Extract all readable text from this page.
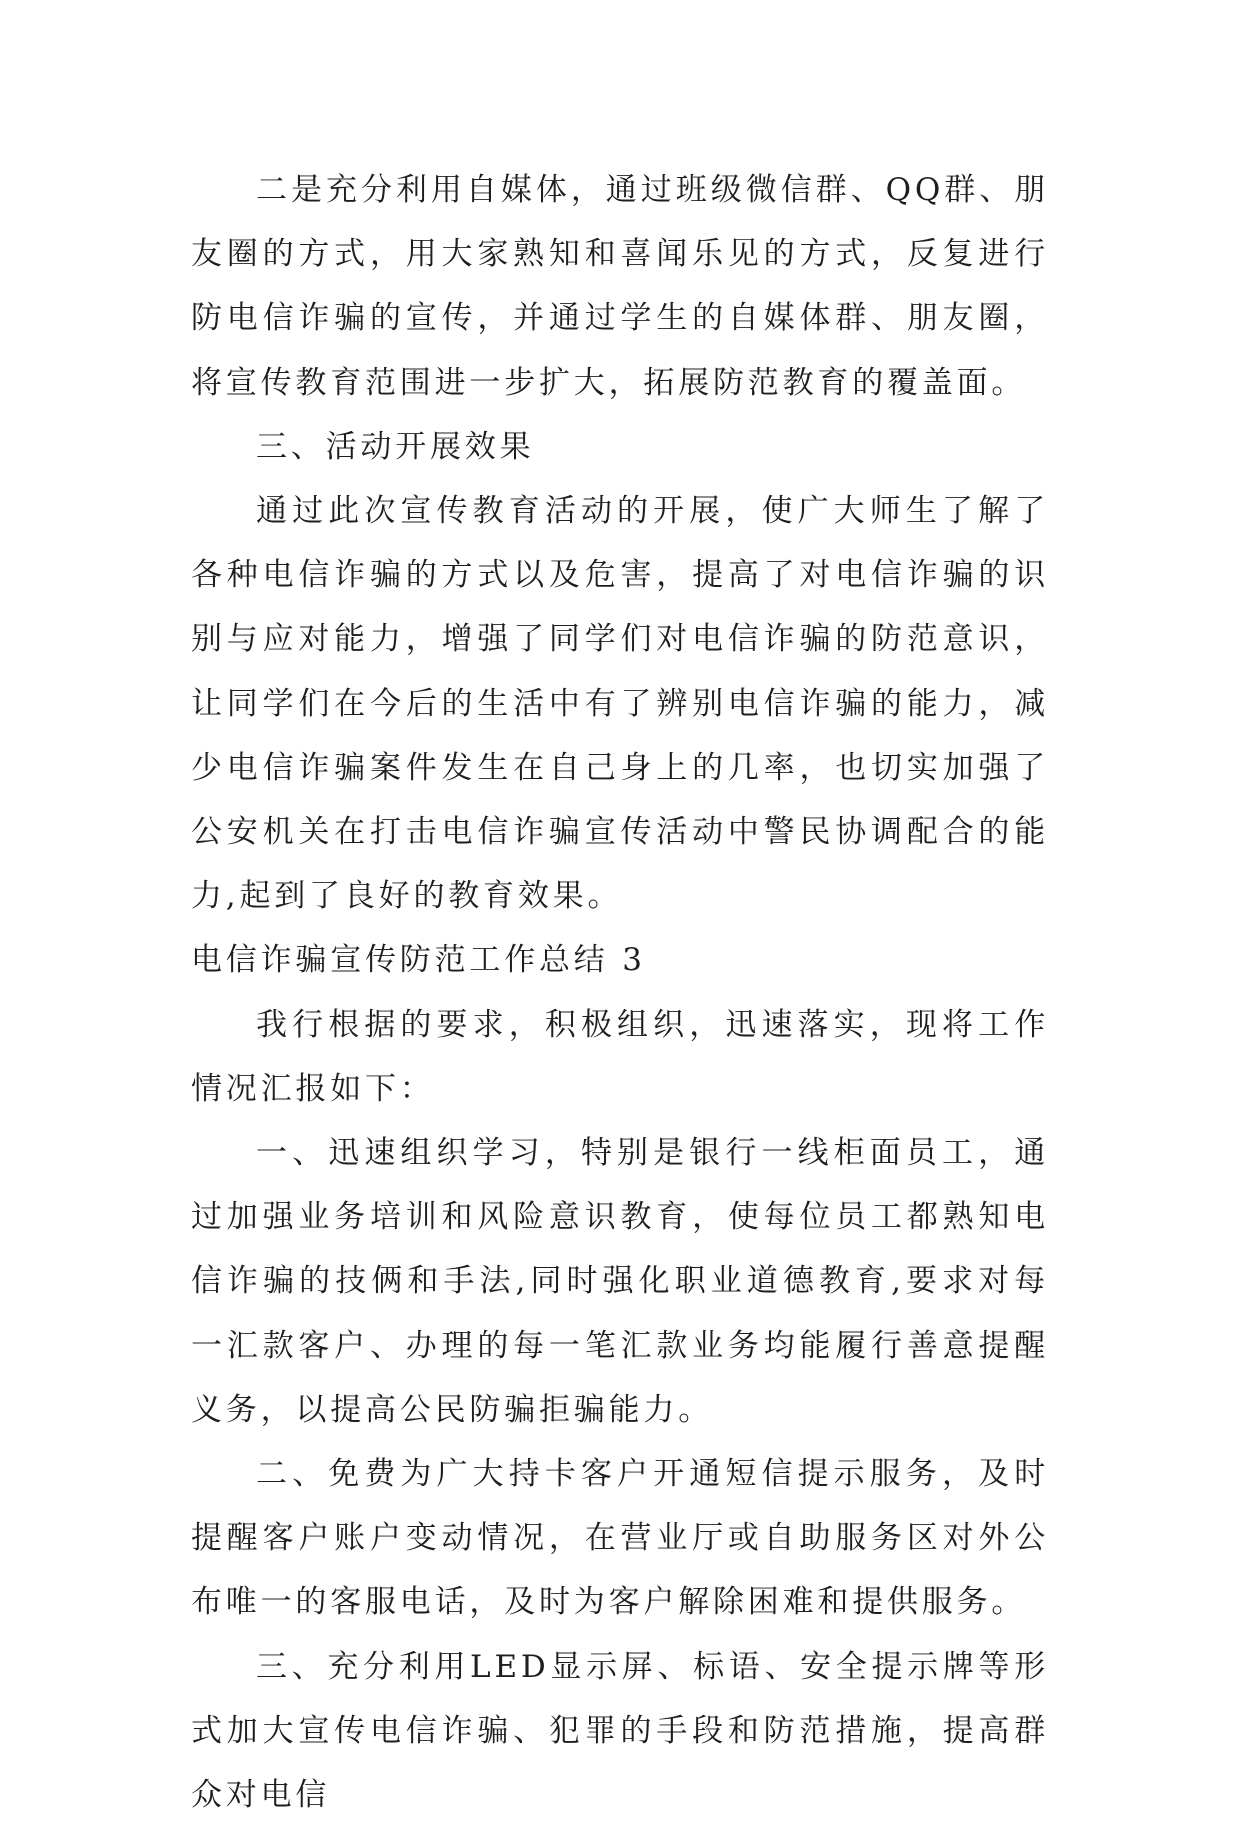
二是充分利用自媒体，通过班级微信群、QQ群、朋友圈的方式，用大家熟知和喜闻乐见的方式，反复进行防电信诈骗的宣传，并通过学生的自媒体群、朋友圈，将宣传教育范围进一步扩大，拓展防范教育的覆盖面。

三、活动开展效果

通过此次宣传教育活动的开展，使广大师生了解了各种电信诈骗的方式以及危害，提高了对电信诈骗的识别与应对能力，增强了同学们对电信诈骗的防范意识，让同学们在今后的生活中有了辨别电信诈骗的能力，减少电信诈骗案件发生在自己身上的几率，也切实加强了公安机关在打击电信诈骗宣传活动中警民协调配合的能力,起到了良好的教育效果。

电信诈骗宣传防范工作总结 3

我行根据的要求，积极组织，迅速落实，现将工作情况汇报如下：

一、迅速组织学习，特别是银行一线柜面员工，通过加强业务培训和风险意识教育，使每位员工都熟知电信诈骗的技俩和手法,同时强化职业道德教育,要求对每一汇款客户、办理的每一笔汇款业务均能履行善意提醒义务，以提高公民防骗拒骗能力。

二、免费为广大持卡客户开通短信提示服务，及时提醒客户账户变动情况，在营业厅或自助服务区对外公布唯一的客服电话，及时为客户解除困难和提供服务。

三、充分利用LED显示屏、标语、安全提示牌等形式加大宣传电信诈骗、犯罪的手段和防范措施，提高群众对电信
